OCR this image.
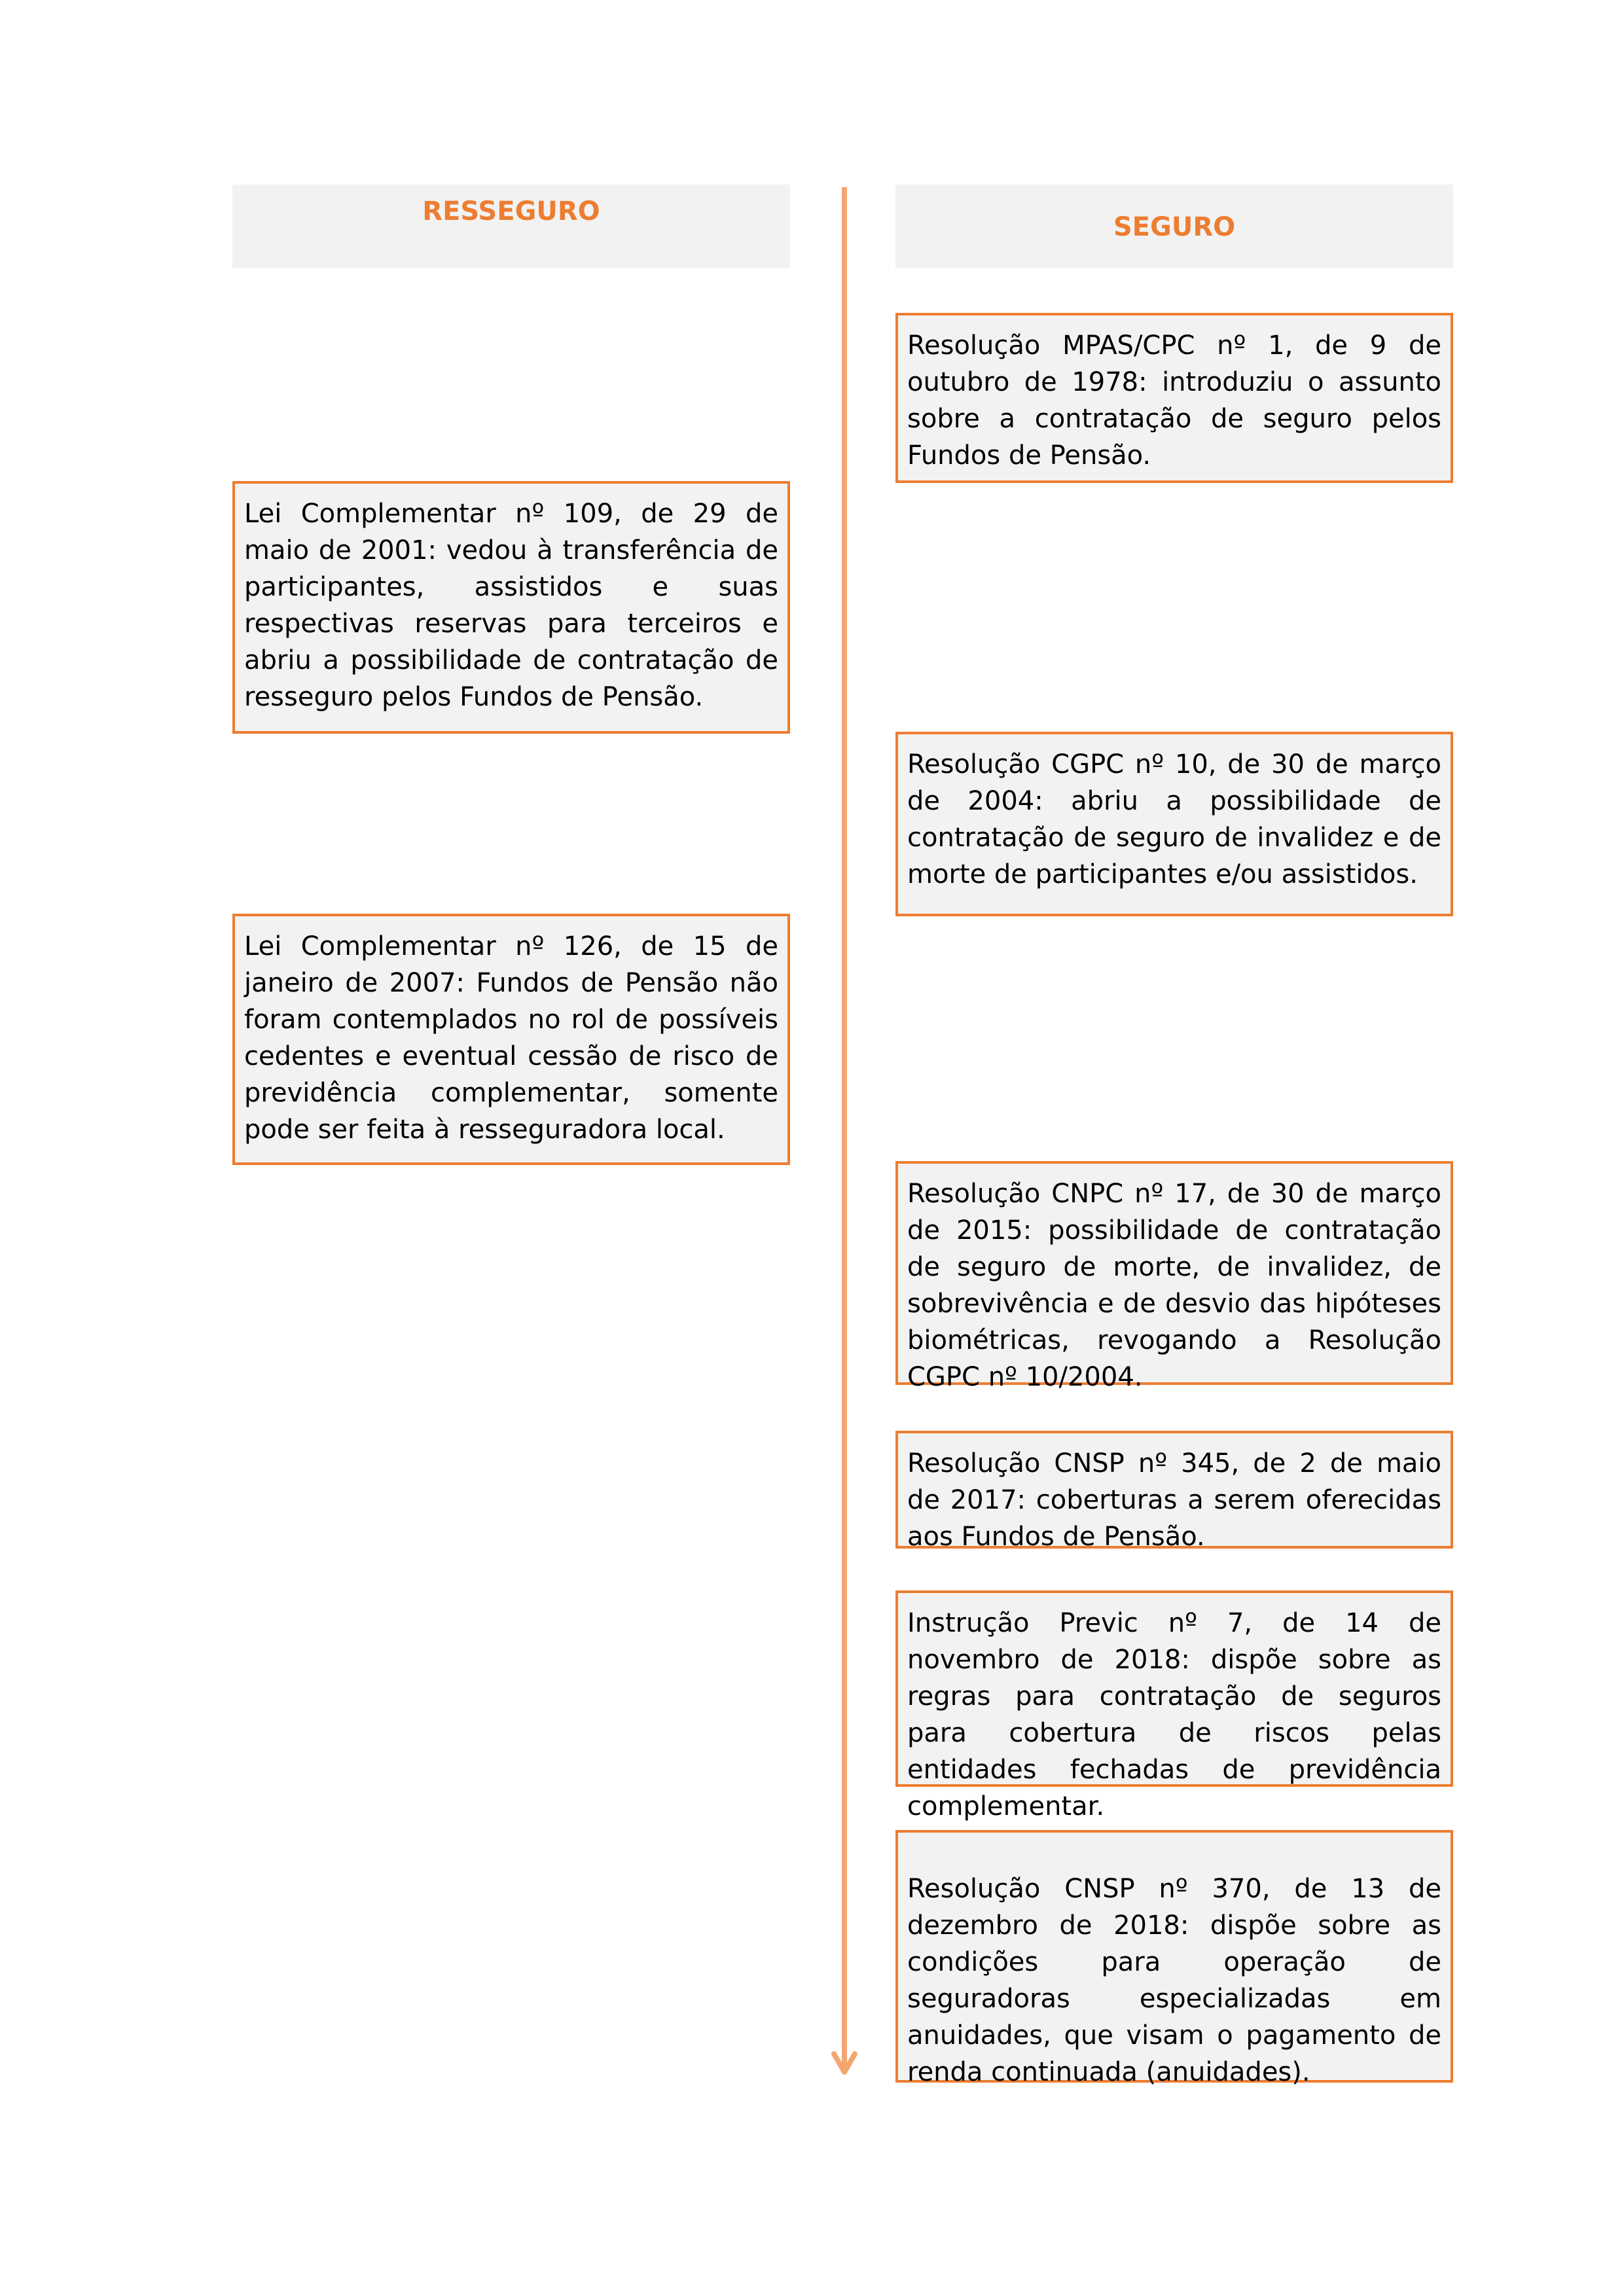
RESSEGURO
SEGURO
Lei Complementar nº 109, de 29 de maio de 2001: vedou à transferência de participantes, assistidos e suas respectivas reservas para terceiros e abriu a possibilidade de contratação de resseguro pelos Fundos de Pensão.
Lei Complementar nº 126, de 15 de janeiro de 2007: Fundos de Pensão não foram contemplados no rol de possíveis cedentes e eventual cessão de risco de previdência complementar, somente pode ser feita à resseguradora local.
Resolução MPAS/CPC nº 1, de 9 de outubro de 1978: introduziu o assunto sobre a contratação de seguro pelos Fundos de Pensão.
Resolução CGPC nº 10, de 30 de março de 2004: abriu a possibilidade de contratação de seguro de invalidez e de morte de participantes e/ou assistidos.
Resolução CNPC nº 17, de 30 de março de 2015: possibilidade de contratação de seguro de morte, de invalidez, de sobrevivência e de desvio das hipóteses biométricas, revogando a Resolução CGPC nº 10/2004.
Resolução CNSP nº 345, de 2 de maio de 2017: coberturas a serem oferecidas aos Fundos de Pensão.
Instrução Previc nº 7, de 14 de novembro de 2018: dispõe sobre as regras para contratação de seguros para cobertura de riscos pelas entidades fechadas de previdência complementar.
Resolução CNSP nº 370, de 13 de dezembro de 2018: dispõe sobre as condições para operação de seguradoras especializadas em anuidades, que visam o pagamento de renda continuada (anuidades).
